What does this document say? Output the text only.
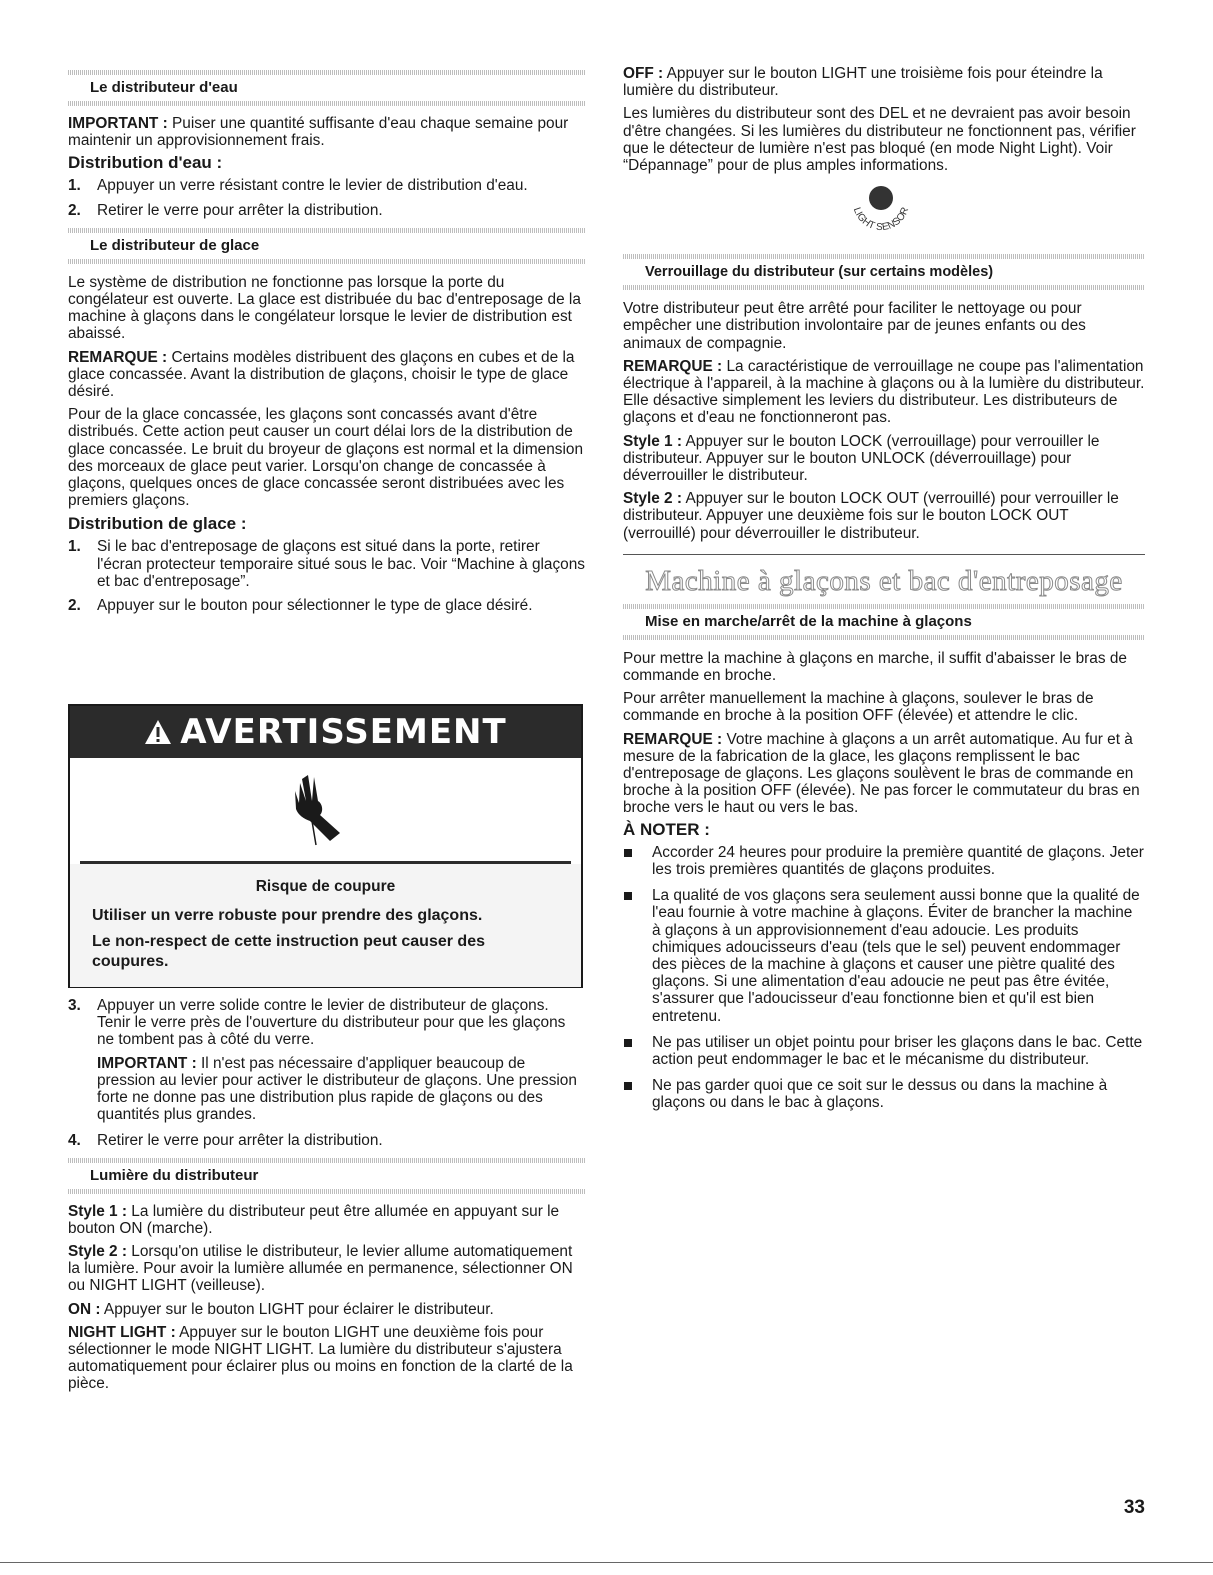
Le distributeur d'eau

IMPORTANT : Puiser une quantité suffisante d'eau chaque semaine pour maintenir un approvisionnement frais.

Distribution d'eau :
1. Appuyer un verre résistant contre le levier de distribution d'eau.
2. Retirer le verre pour arrêter la distribution.
Le distributeur de glace

Le système de distribution ne fonctionne pas lorsque la porte du congélateur est ouverte. La glace est distribuée du bac d'entreposage de la machine à glaçons dans le congélateur lorsque le levier de distribution est abaissé.

REMARQUE : Certains modèles distribuent des glaçons en cubes et de la glace concassée. Avant la distribution de glaçons, choisir le type de glace désiré.

Pour de la glace concassée, les glaçons sont concassés avant d'être distribués. Cette action peut causer un court délai lors de la distribution de glace concassée. Le bruit du broyeur de glaçons est normal et la dimension des morceaux de glace peut varier. Lorsqu'on change de concassée à glaçons, quelques onces de glace concassée seront distribuées avec les premiers glaçons.

Distribution de glace :
1. Si le bac d'entreposage de glaçons est situé dans la porte, retirer l'écran protecteur temporaire situé sous le bac. Voir “Machine à glaçons et bac d'entreposage”.
2. Appuyer sur le bouton pour sélectionner le type de glace désiré.
AVERTISSEMENT
Risque de coupure
Utiliser un verre robuste pour prendre des glaçons.
Le non-respect de cette instruction peut causer des coupures.
3. Appuyer un verre solide contre le levier de distributeur de glaçons. Tenir le verre près de l'ouverture du distributeur pour que les glaçons ne tombent pas à côté du verre.

IMPORTANT : Il n'est pas nécessaire d'appliquer beaucoup de pression au levier pour activer le distributeur de glaçons. Une pression forte ne donne pas une distribution plus rapide de glaçons ou des quantités plus grandes.

4. Retirer le verre pour arrêter la distribution.
Lumière du distributeur

Style 1 : La lumière du distributeur peut être allumée en appuyant sur le bouton ON (marche).

Style 2 : Lorsqu'on utilise le distributeur, le levier allume automatiquement la lumière. Pour avoir la lumière allumée en permanence, sélectionner ON ou NIGHT LIGHT (veilleuse).

ON : Appuyer sur le bouton LIGHT pour éclairer le distributeur.

NIGHT LIGHT : Appuyer sur le bouton LIGHT une deuxième fois pour sélectionner le mode NIGHT LIGHT. La lumière du distributeur s'ajustera automatiquement pour éclairer plus ou moins en fonction de la clarté de la pièce.

OFF : Appuyer sur le bouton LIGHT une troisième fois pour éteindre la lumière du distributeur.

Les lumières du distributeur sont des DEL et ne devraient pas avoir besoin d'être changées. Si les lumières du distributeur ne fonctionnent pas, vérifier que le détecteur de lumière n'est pas bloqué (en mode Night Light). Voir “Dépannage” pour de plus amples informations.

LIGHT SENSOR
Verrouillage du distributeur (sur certains modèles)

Votre distributeur peut être arrêté pour faciliter le nettoyage ou pour empêcher une distribution involontaire par de jeunes enfants ou des animaux de compagnie.

REMARQUE : La caractéristique de verrouillage ne coupe pas l'alimentation électrique à l'appareil, à la machine à glaçons ou à la lumière du distributeur. Elle désactive simplement les leviers du distributeur. Les distributeurs de glaçons et d'eau ne fonctionneront pas.

Style 1 : Appuyer sur le bouton LOCK (verrouillage) pour verrouiller le distributeur. Appuyer sur le bouton UNLOCK (déverrouillage) pour déverrouiller le distributeur.

Style 2 : Appuyer sur le bouton LOCK OUT (verrouillé) pour verrouiller le distributeur. Appuyer une deuxième fois sur le bouton LOCK OUT (verrouillé) pour déverrouiller le distributeur.

Machine à glaçons et bac d'entreposage
Mise en marche/arrêt de la machine à glaçons

Pour mettre la machine à glaçons en marche, il suffit d'abaisser le bras de commande en broche.

Pour arrêter manuellement la machine à glaçons, soulever le bras de commande en broche à la position OFF (élevée) et attendre le clic.

REMARQUE : Votre machine à glaçons a un arrêt automatique. Au fur et à mesure de la fabrication de la glace, les glaçons remplissent le bac d'entreposage de glaçons. Les glaçons soulèvent le bras de commande en broche à la position OFF (élevée). Ne pas forcer le commutateur du bras en broche vers le haut ou vers le bas.

À NOTER :
Accorder 24 heures pour produire la première quantité de glaçons. Jeter les trois premières quantités de glaçons produites.
La qualité de vos glaçons sera seulement aussi bonne que la qualité de l'eau fournie à votre machine à glaçons. Éviter de brancher la machine à glaçons à un approvisionnement d'eau adoucie. Les produits chimiques adoucisseurs d'eau (tels que le sel) peuvent endommager des pièces de la machine à glaçons et causer une piètre qualité des glaçons. Si une alimentation d'eau adoucie ne peut pas être évitée, s'assurer que l'adoucisseur d'eau fonctionne bien et qu'il est bien entretenu.
Ne pas utiliser un objet pointu pour briser les glaçons dans le bac. Cette action peut endommager le bac et le mécanisme du distributeur.
Ne pas garder quoi que ce soit sur le dessus ou dans la machine à glaçons ou dans le bac à glaçons.
33
